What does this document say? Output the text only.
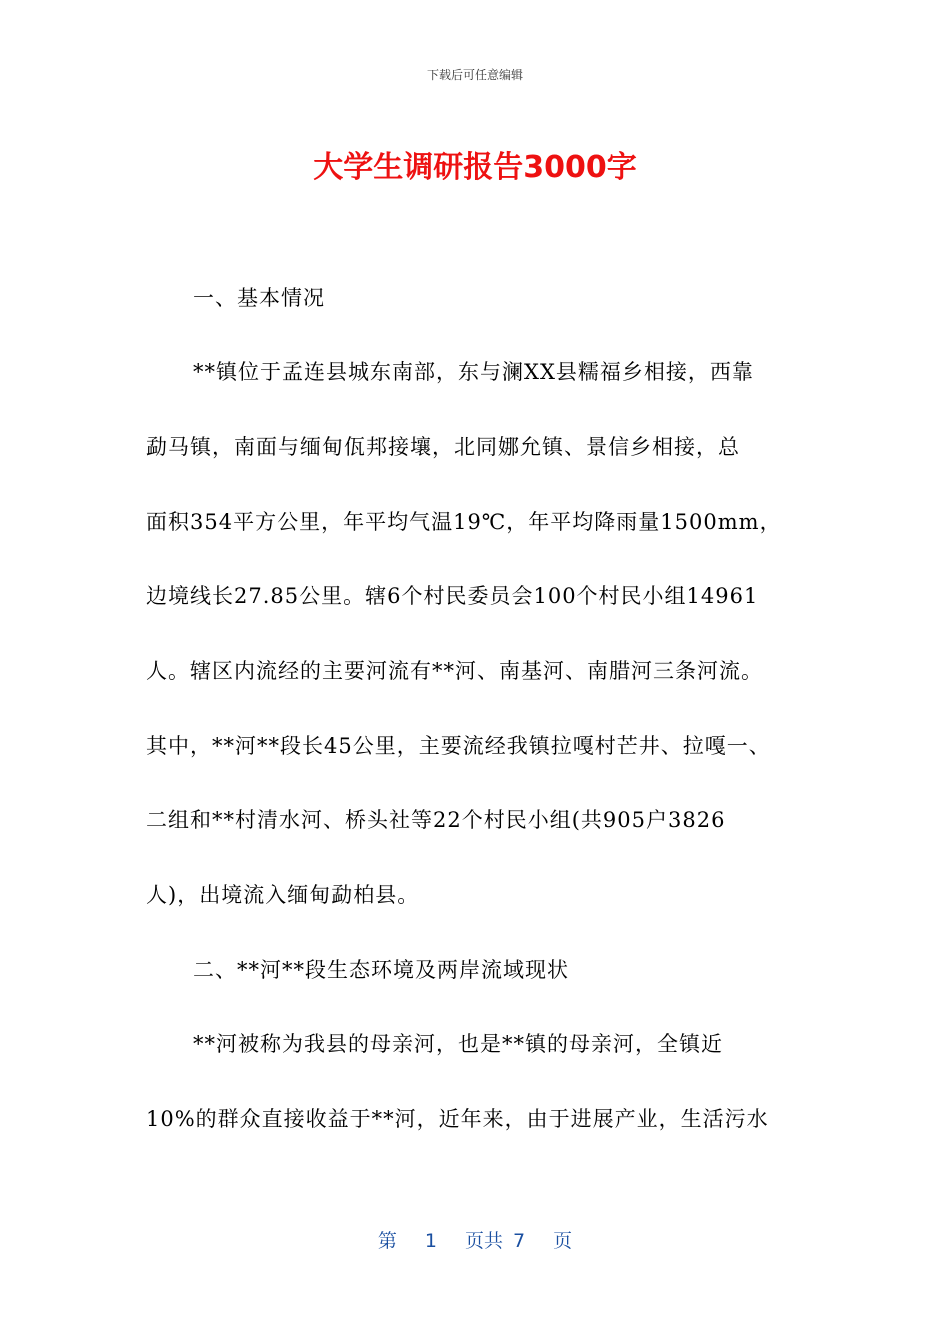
下载后可任意编辑
大学生调研报告3000字
一、基本情况
**镇位于孟连县城东南部，东与澜XX县糯福乡相接，西靠
勐马镇，南面与缅甸佤邦接壤，北同娜允镇、景信乡相接，总
面积354平方公里，年平均气温19℃，年平均降雨量1500mm，
边境线长27.85公里。辖6个村民委员会100个村民小组14961
人。辖区内流经的主要河流有**河、南基河、南腊河三条河流。
其中，**河**段长45公里，主要流经我镇拉嘎村芒井、拉嘎一、
二组和**村清水河、桥头社等22个村民小组(共905户3826
人)，出境流入缅甸勐柏县。
二、**河**段生态环境及两岸流域现状
**河被称为我县的母亲河，也是**镇的母亲河，全镇近
10%的群众直接收益于**河，近年来，由于进展产业，生活污水
第 1 页共 7 页
